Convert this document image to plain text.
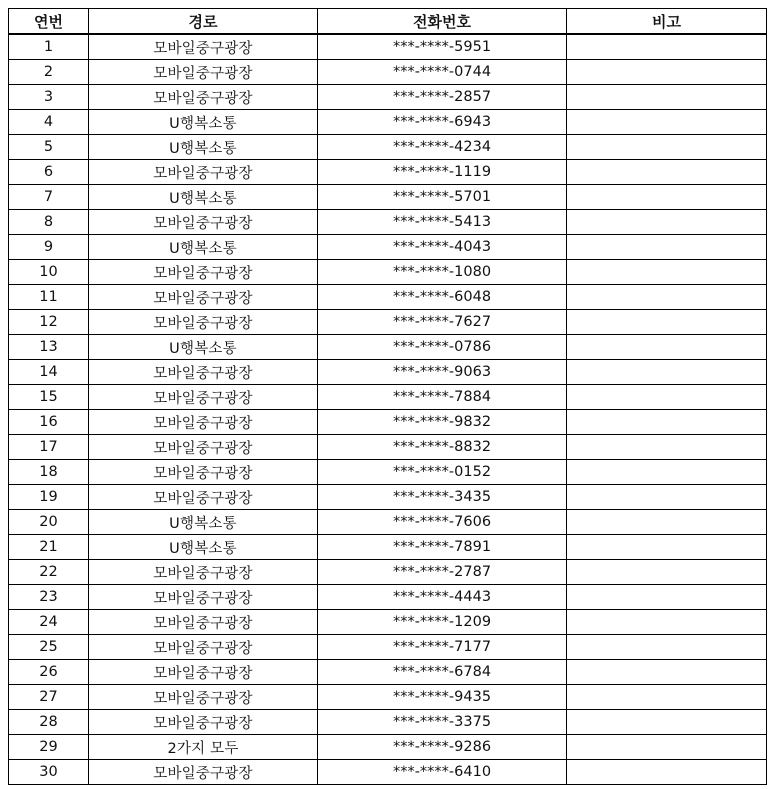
연번	경로	전화번호	비고
1	모바일중구광장	***-****-5951	
2	모바일중구광장	***-****-0744	
3	모바일중구광장	***-****-2857	
4	U행복소통	***-****-6943	
5	U행복소통	***-****-4234	
6	모바일중구광장	***-****-1119	
7	U행복소통	***-****-5701	
8	모바일중구광장	***-****-5413	
9	U행복소통	***-****-4043	
10	모바일중구광장	***-****-1080	
11	모바일중구광장	***-****-6048	
12	모바일중구광장	***-****-7627	
13	U행복소통	***-****-0786	
14	모바일중구광장	***-****-9063	
15	모바일중구광장	***-****-7884	
16	모바일중구광장	***-****-9832	
17	모바일중구광장	***-****-8832	
18	모바일중구광장	***-****-0152	
19	모바일중구광장	***-****-3435	
20	U행복소통	***-****-7606	
21	U행복소통	***-****-7891	
22	모바일중구광장	***-****-2787	
23	모바일중구광장	***-****-4443	
24	모바일중구광장	***-****-1209	
25	모바일중구광장	***-****-7177	
26	모바일중구광장	***-****-6784	
27	모바일중구광장	***-****-9435	
28	모바일중구광장	***-****-3375	
29	2가지 모두	***-****-9286	
30	모바일중구광장	***-****-6410	
